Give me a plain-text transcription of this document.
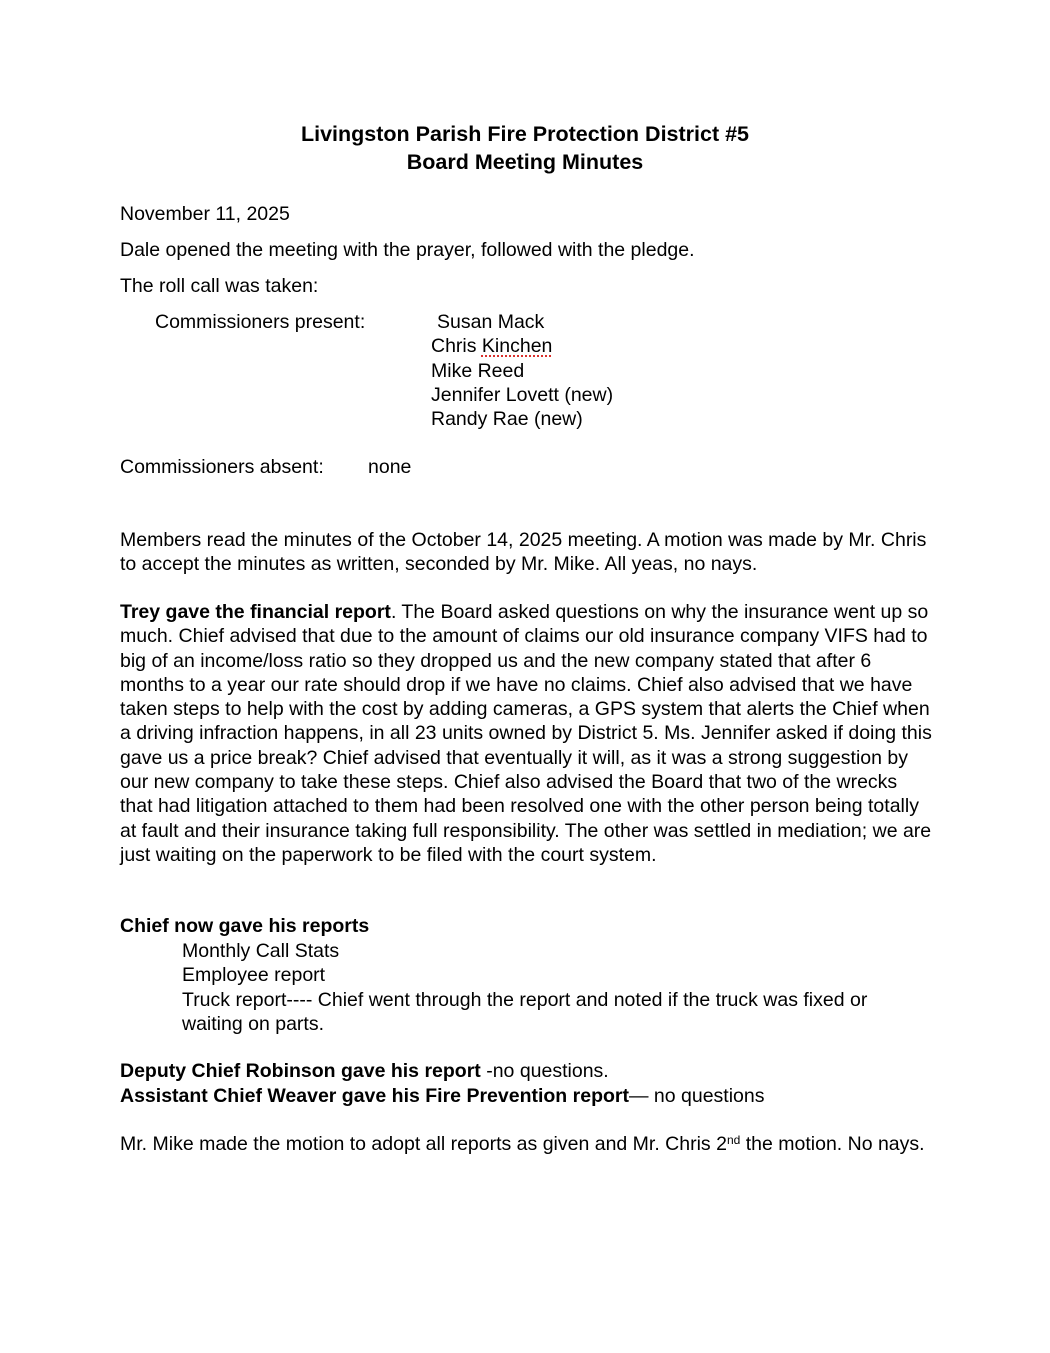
Livingston Parish Fire Protection District #5
Board Meeting Minutes

November 11, 2025

Dale opened the meeting with the prayer, followed with the pledge.

The roll call was taken:

Commissioners present:	Susan Mack
Chris Kinchen
Mike Reed
Jennifer Lovett (new)
Randy Rae (new)
Commissioners absent: none

Members read the minutes of the October 14, 2025 meeting. A motion was made by Mr. Chris to accept the minutes as written, seconded by Mr. Mike. All yeas, no nays.

Trey gave the financial report. The Board asked questions on why the insurance went up so much. Chief advised that due to the amount of claims our old insurance company VIFS had to big of an income/loss ratio so they dropped us and the new company stated that after 6 months to a year our rate should drop if we have no claims. Chief also advised that we have taken steps to help with the cost by adding cameras, a GPS system that alerts the Chief when a driving infraction happens, in all 23 units owned by District 5. Ms. Jennifer asked if doing this gave us a price break? Chief advised that eventually it will, as it was a strong suggestion by our new company to take these steps. Chief also advised the Board that two of the wrecks that had litigation attached to them had been resolved one with the other person being totally at fault and their insurance taking full responsibility. The other was settled in mediation; we are just waiting on the paperwork to be filed with the court system.

Chief now gave his reports

Monthly Call Stats
Employee report
Truck report---- Chief went through the report and noted if the truck was fixed or waiting on parts.

Deputy Chief Robinson gave his report -no questions.

Assistant Chief Weaver gave his Fire Prevention report— no questions

Mr. Mike made the motion to adopt all reports as given and Mr. Chris 2nd the motion. No nays.
